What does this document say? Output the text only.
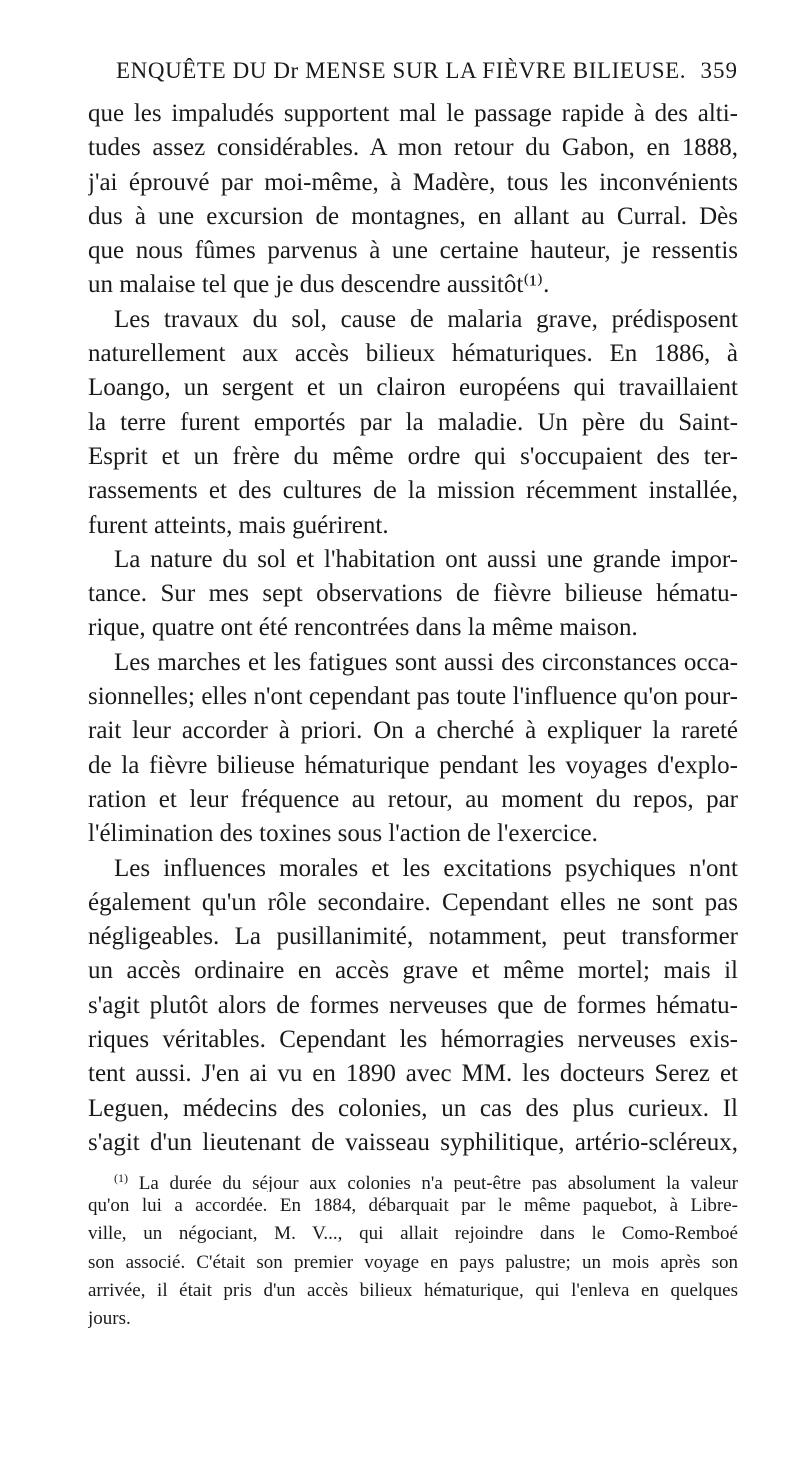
ENQUÊTE DU Dr MENSE SUR LA FIÈVRE BILIEUSE. 359
que les impaludés supportent mal le passage rapide à des alti-
tudes assez considérables. A mon retour du Gabon, en 1888,
j'ai éprouvé par moi-même, à Madère, tous les inconvénients
dus à une excursion de montagnes, en allant au Curral. Dès
que nous fûmes parvenus à une certaine hauteur, je ressentis
un malaise tel que je dus descendre aussitôt⁽¹⁾.
Les travaux du sol, cause de malaria grave, prédisposent
naturellement aux accès bilieux hématuriques. En 1886, à
Loango, un sergent et un clairon européens qui travaillaient
la terre furent emportés par la maladie. Un père du Saint-
Esprit et un frère du même ordre qui s'occupaient des ter-
rassements et des cultures de la mission récemment installée,
furent atteints, mais guérirent.
La nature du sol et l'habitation ont aussi une grande impor-
tance. Sur mes sept observations de fièvre bilieuse hématu-
rique, quatre ont été rencontrées dans la même maison.
Les marches et les fatigues sont aussi des circonstances occa-
sionnelles; elles n'ont cependant pas toute l'influence qu'on pour-
rait leur accorder à priori. On a cherché à expliquer la rareté
de la fièvre bilieuse hématurique pendant les voyages d'explo-
ration et leur fréquence au retour, au moment du repos, par
l'élimination des toxines sous l'action de l'exercice.
Les influences morales et les excitations psychiques n'ont
également qu'un rôle secondaire. Cependant elles ne sont pas
négligeables. La pusillanimité, notamment, peut transformer
un accès ordinaire en accès grave et même mortel; mais il
s'agit plutôt alors de formes nerveuses que de formes hématu-
riques véritables. Cependant les hémorragies nerveuses exis-
tent aussi. J'en ai vu en 1890 avec MM. les docteurs Serez et
Leguen, médecins des colonies, un cas des plus curieux. Il
s'agit d'un lieutenant de vaisseau syphilitique, artério-scléreux,
$^{(1)}$ La durée du séjour aux colonies n'a peut-être pas absolument la valeur
qu'on lui a accordée. En 1884, débarquait par le même paquebot, à Libre-
ville, un négociant, M. V..., qui allait rejoindre dans le Como-Remboé
son associé. C'était son premier voyage en pays palustre; un mois après son
arrivée, il était pris d'un accès bilieux hématurique, qui l'enleva en quelques
jours.
